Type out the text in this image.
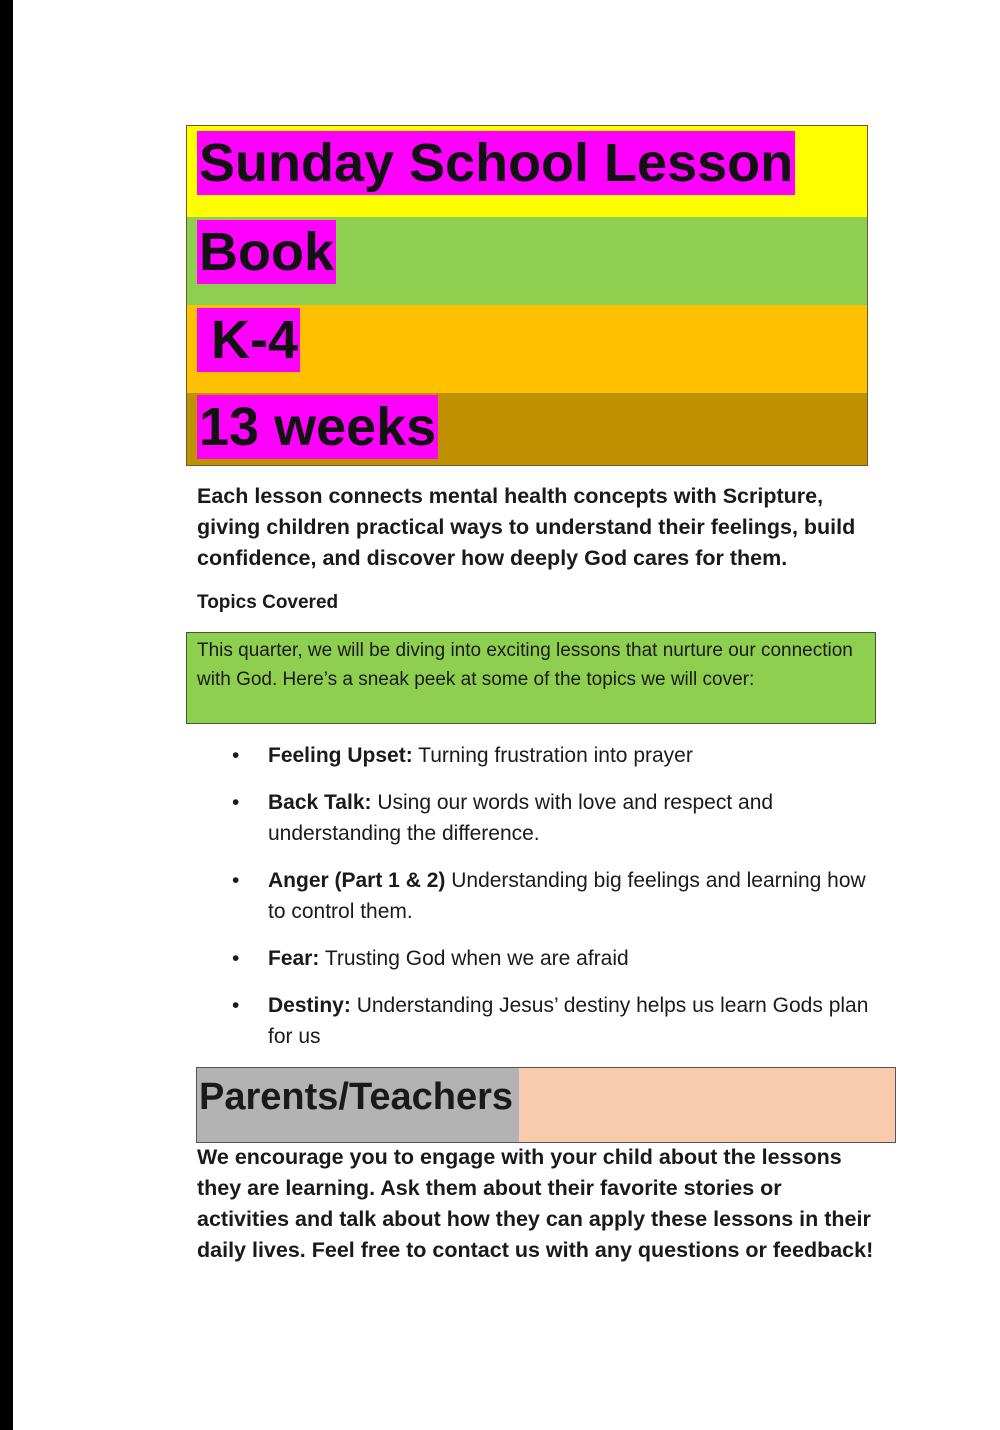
Sunday School Lesson
Book
K-4
13 weeks

Each lesson connects mental health concepts with Scripture, giving children practical ways to understand their feelings, build confidence, and discover how deeply God cares for them.

Topics Covered

This quarter, we will be diving into exciting lessons that nurture our connection with God. Here’s a sneak peek at some of the topics we will cover:
• Feeling Upset: Turning frustration into prayer
• Back Talk: Using our words with love and respect and understanding the difference.
• Anger (Part 1 & 2) Understanding big feelings and learning how to control them.
• Fear: Trusting God when we are afraid
• Destiny: Understanding Jesus’ destiny helps us learn Gods plan for us
Parents/Teachers

We encourage you to engage with your child about the lessons they are learning. Ask them about their favorite stories or activities and talk about how they can apply these lessons in their daily lives. Feel free to contact us with any questions or feedback!
